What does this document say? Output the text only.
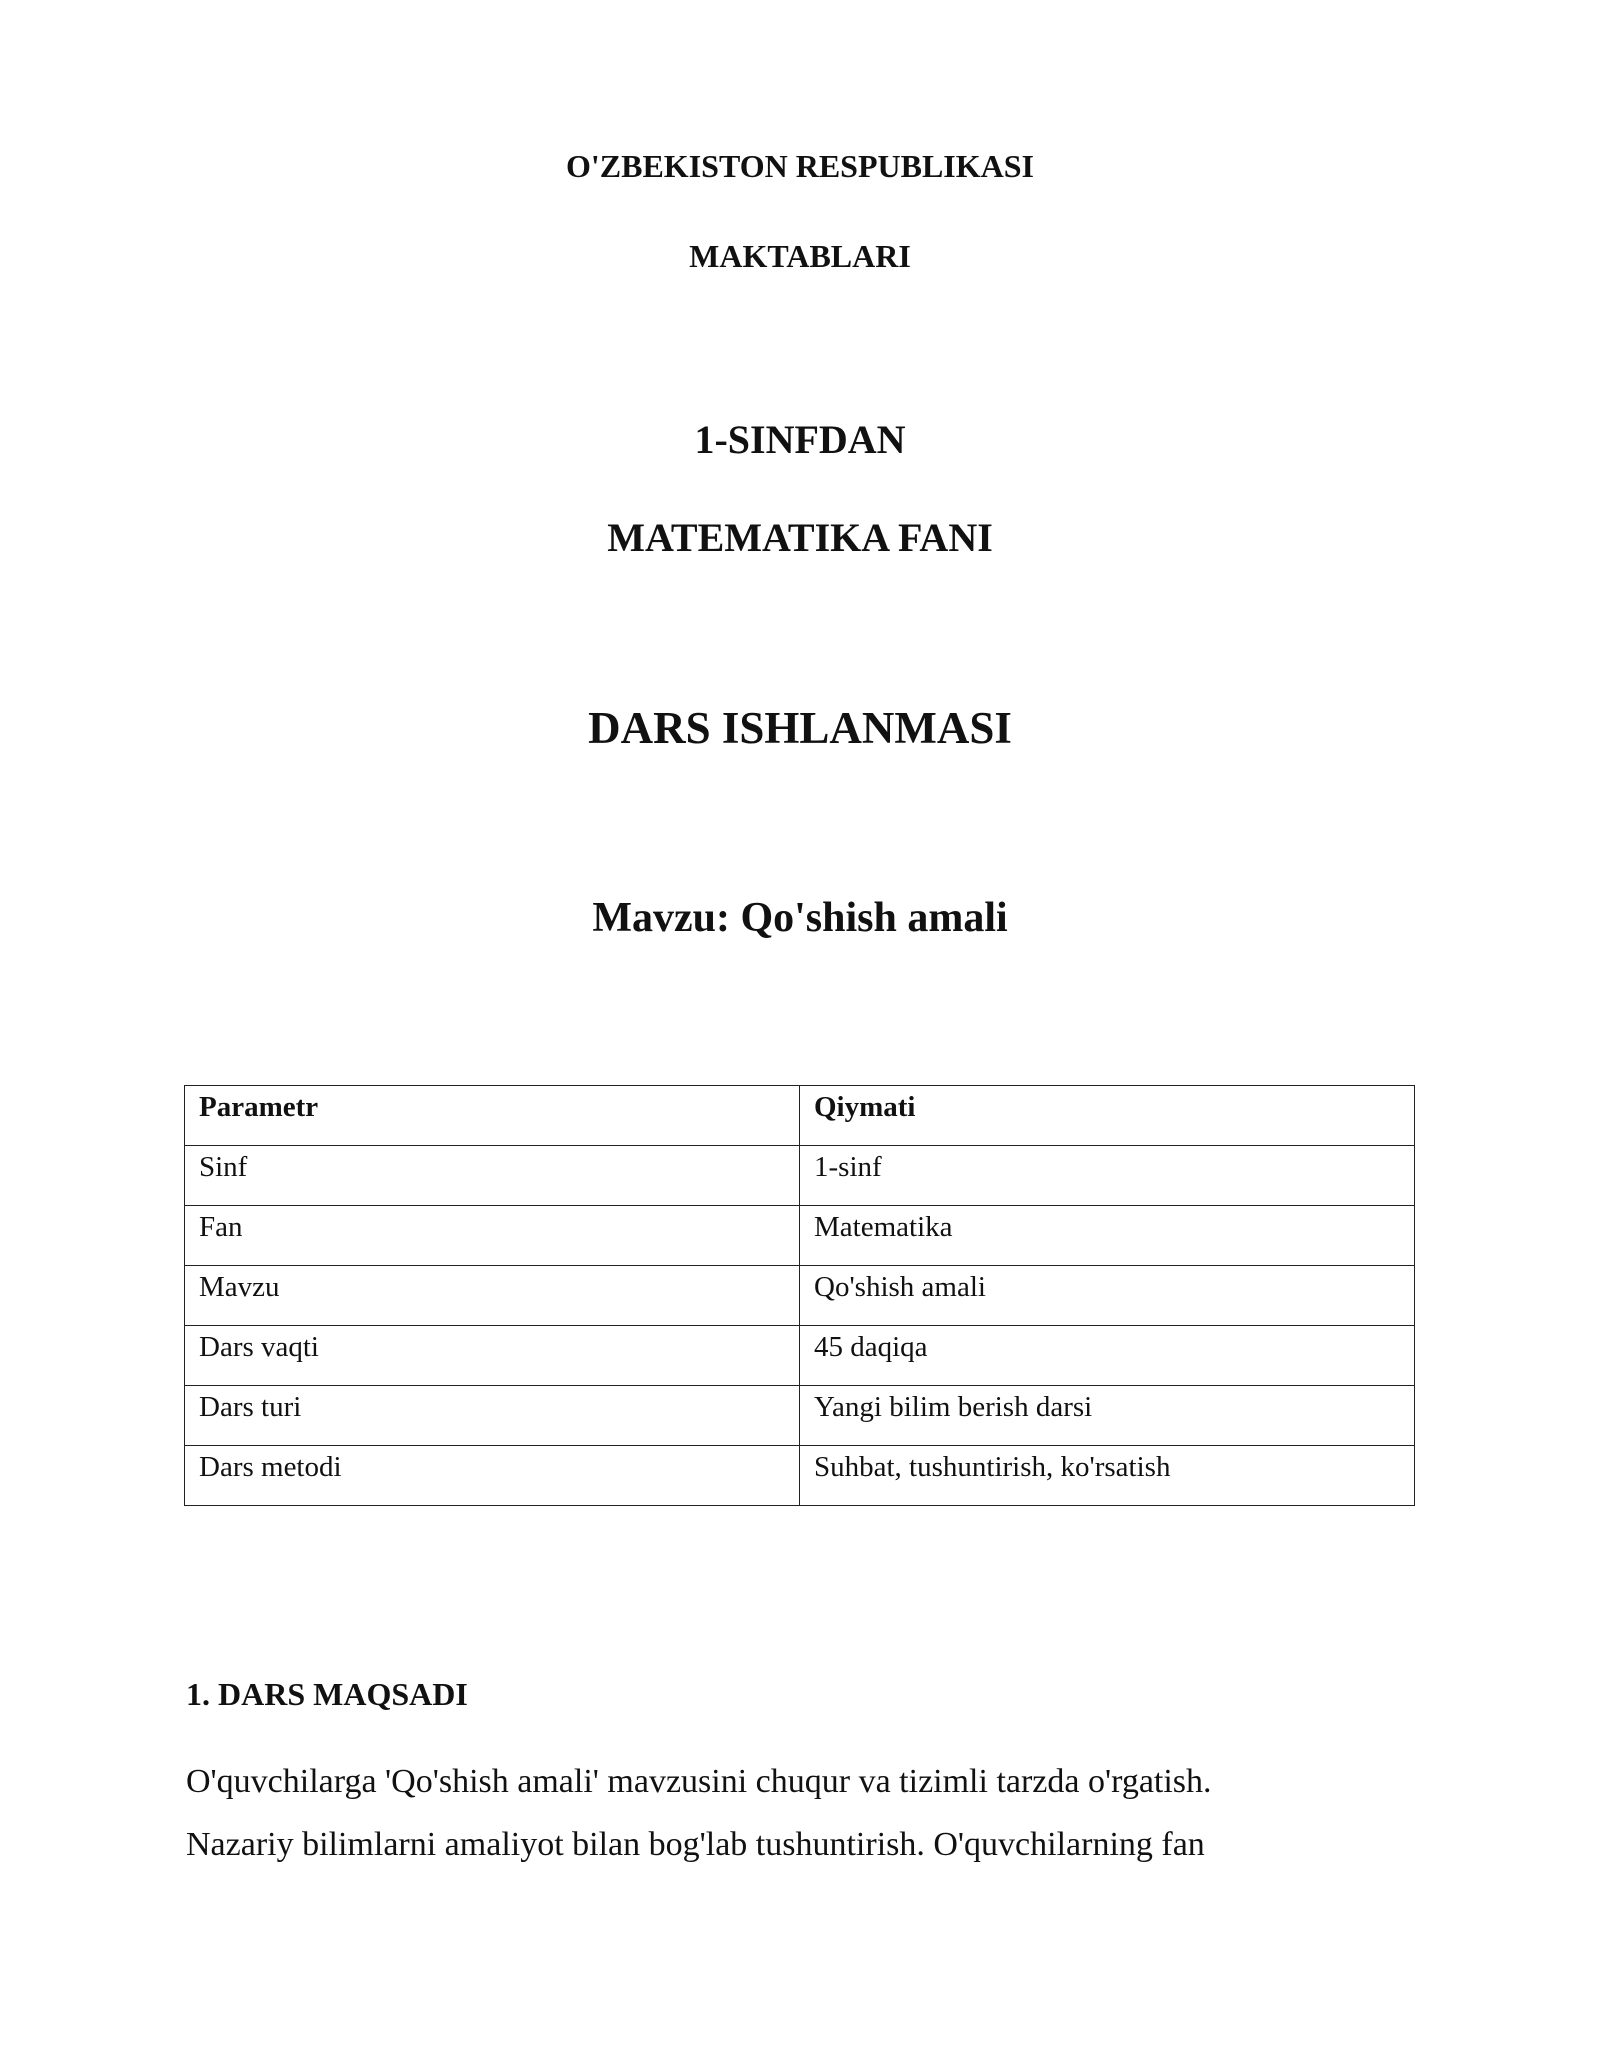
O'ZBEKISTON RESPUBLIKASI
MAKTABLARI
1-SINFDAN
MATEMATIKA FANI
DARS ISHLANMASI
Mavzu: Qo'shish amali
Parametr	Qiymati
Sinf	1-sinf
Fan	Matematika
Mavzu	Qo'shish amali
Dars vaqti	45 daqiqa
Dars turi	Yangi bilim berish darsi
Dars metodi	Suhbat, tushuntirish, ko'rsatish
1. DARS MAQSADI
O'quvchilarga 'Qo'shish amali' mavzusini chuqur va tizimli tarzda o'rgatish.
Nazariy bilimlarni amaliyot bilan bog'lab tushuntirish. O'quvchilarning fan
